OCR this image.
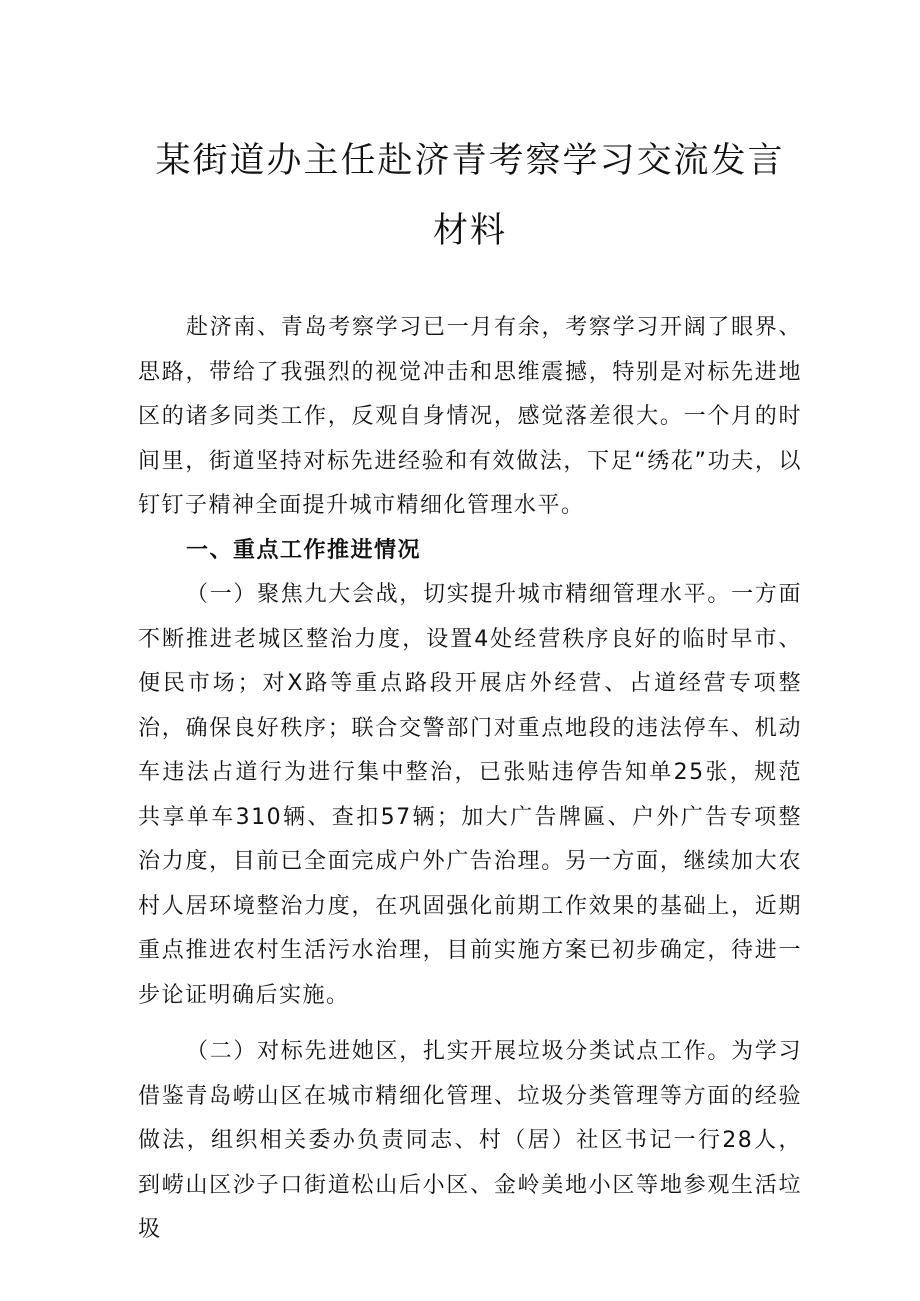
某街道办主任赴济青考察学习交流发言材料

赴济南、青岛考察学习已一月有余，考察学习开阔了眼界、思路，带给了我强烈的视觉冲击和思维震撼，特别是对标先进地区的诸多同类工作，反观自身情况，感觉落差很大。一个月的时间里，街道坚持对标先进经验和有效做法，下足“绣花”功夫，以钉钉子精神全面提升城市精细化管理水平。

一、重点工作推进情况

（一）聚焦九大会战，切实提升城市精细管理水平。一方面不断推进老城区整治力度，设置4处经营秩序良好的临时早市、便民市场；对X路等重点路段开展店外经营、占道经营专项整治，确保良好秩序；联合交警部门对重点地段的违法停车、机动车违法占道行为进行集中整治，已张贴违停告知单25张，规范共享单车310辆、查扣57辆；加大广告牌匾、户外广告专项整治力度，目前已全面完成户外广告治理。另一方面，继续加大农村人居环境整治力度，在巩固强化前期工作效果的基础上，近期重点推进农村生活污水治理，目前实施方案已初步确定，待进一步论证明确后实施。

（二）对标先进她区，扎实开展垃圾分类试点工作。为学习借鉴青岛崂山区在城市精细化管理、垃圾分类管理等方面的经验做法，组织相关委办负责同志、村（居）社区书记一行28人，到崂山区沙子口街道松山后小区、金岭美地小区等地参观生活垃圾
